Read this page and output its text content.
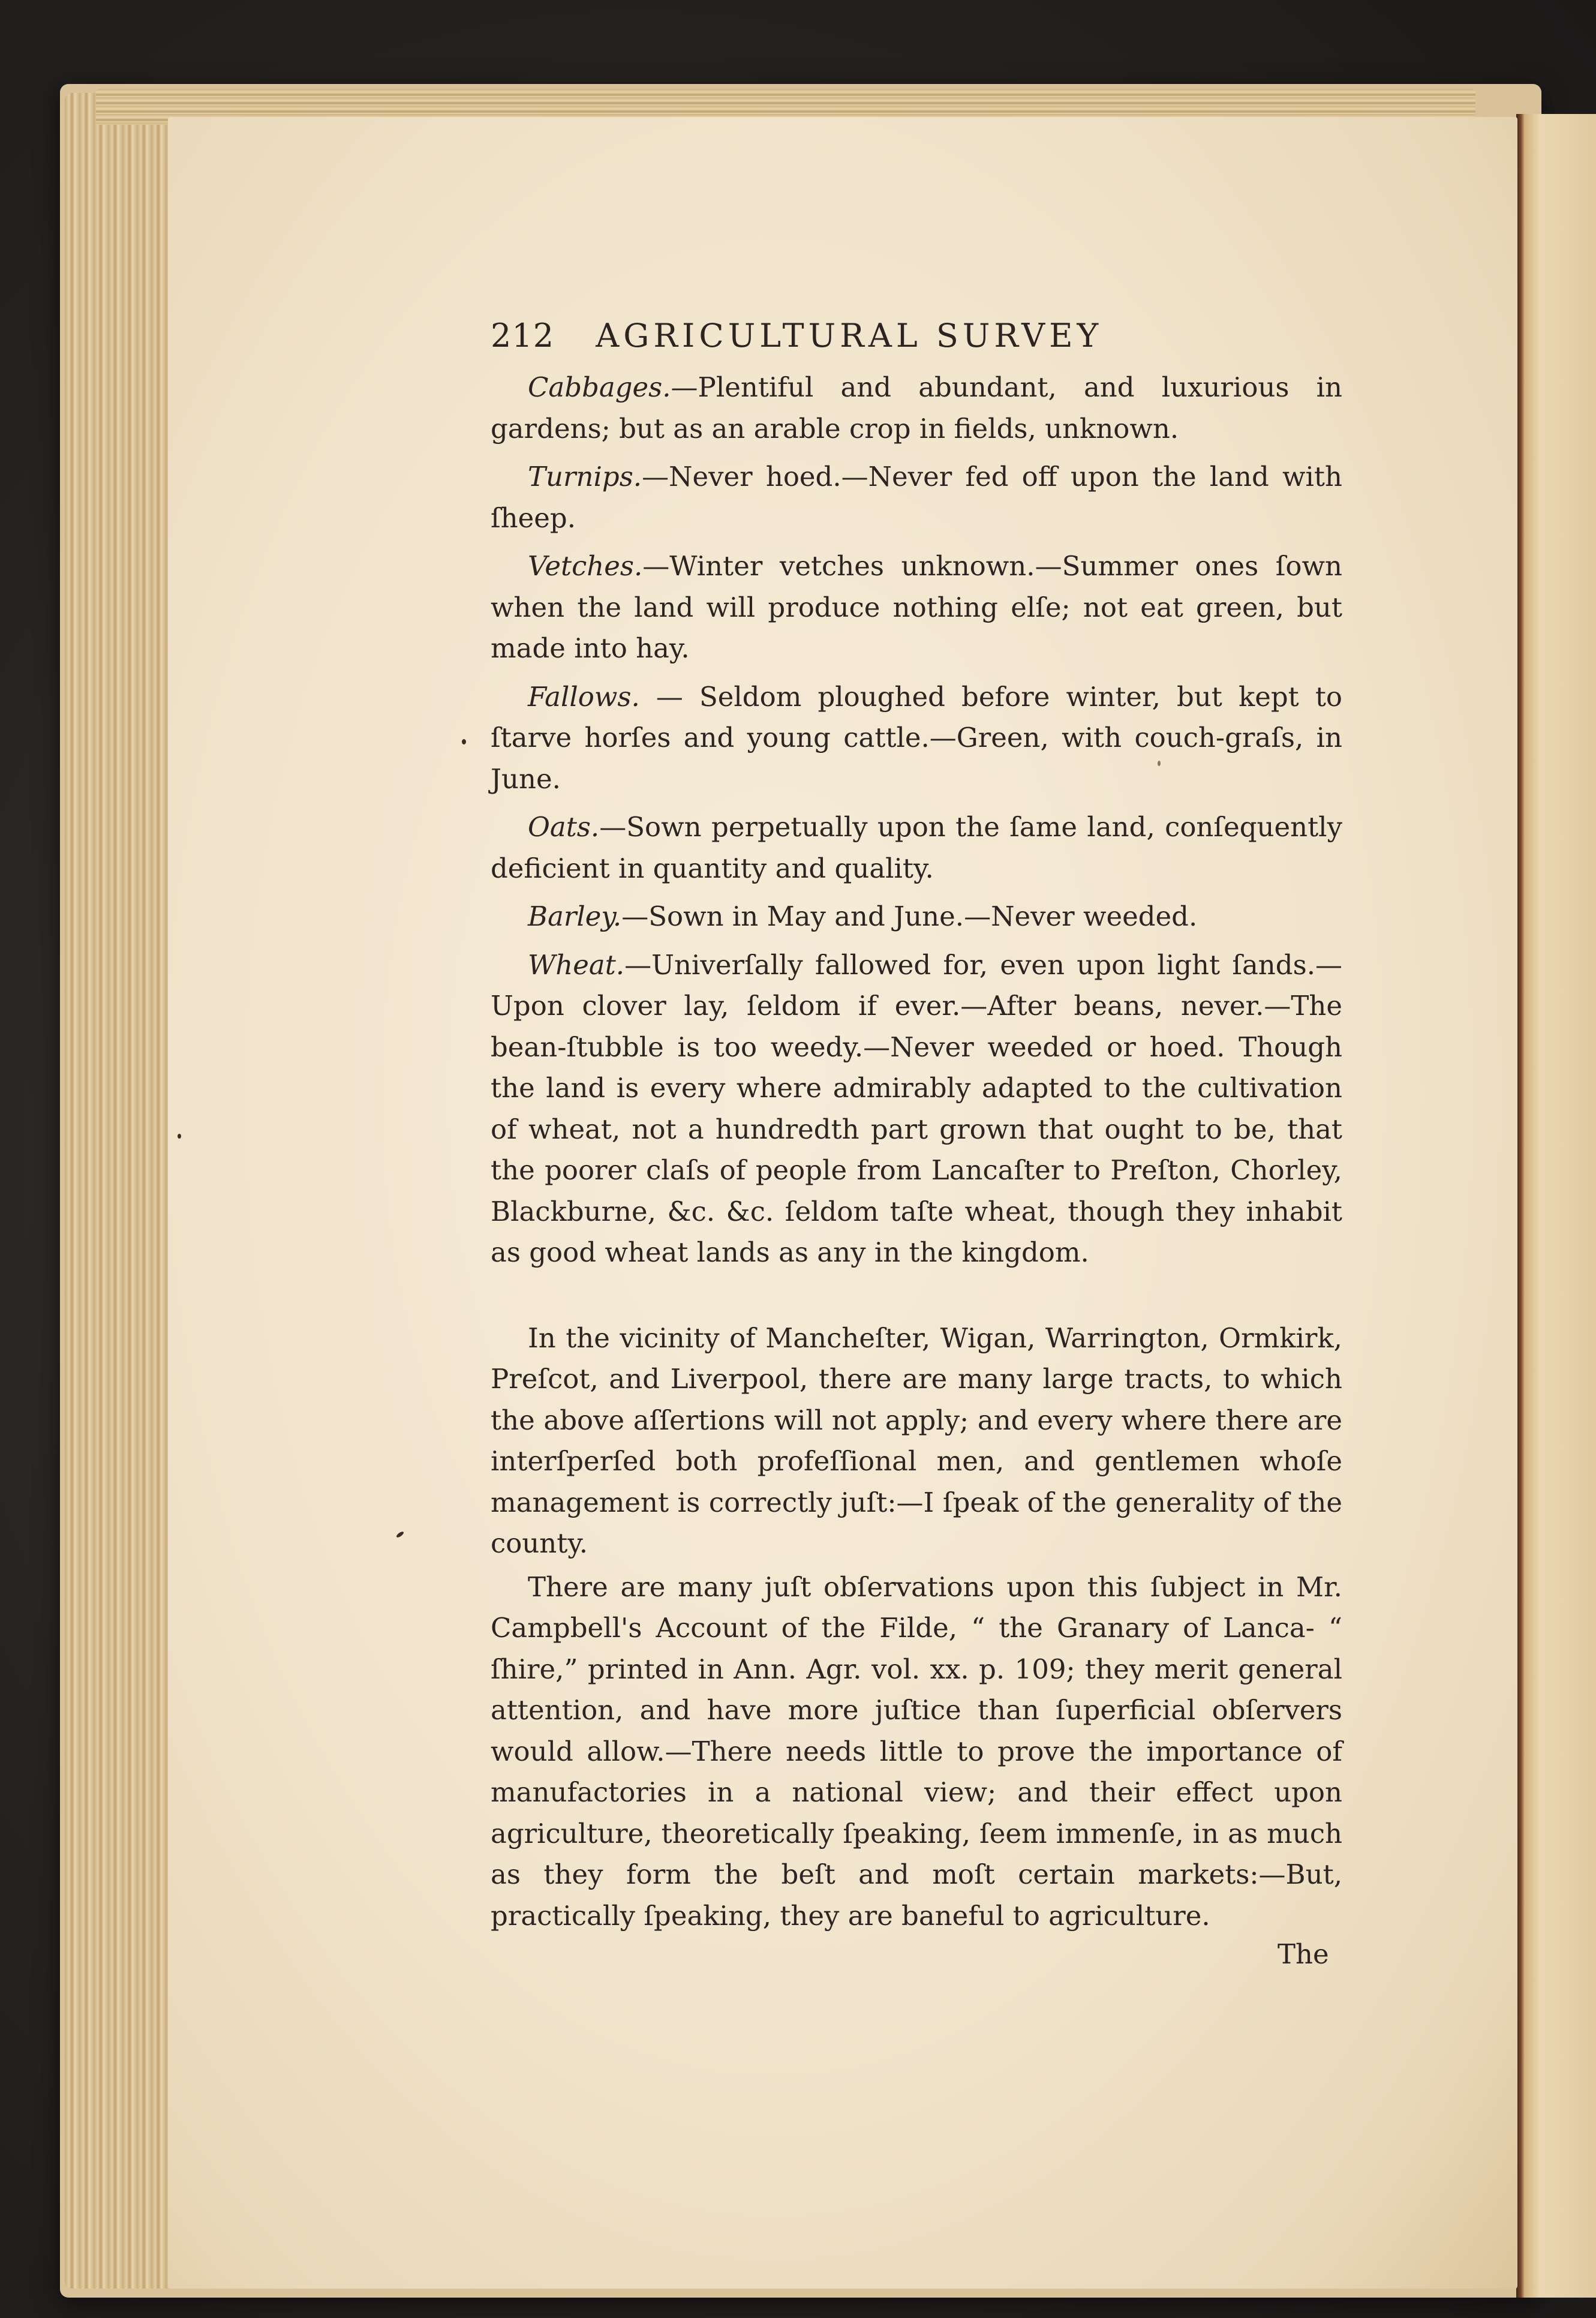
212 AGRICULTURAL SURVEY

Cabbages.—Plentiful and abundant, and luxurious in gardens; but as an arable crop in fields, unknown.

Turnips.—Never hoed.—Never fed off upon the land with ſheep.

Vetches.—Winter vetches unknown.—Summer ones ſown when the land will produce nothing elſe; not eat green, but made into hay.

Fallows. — Seldom ploughed before winter, but kept to ſtarve horſes and young cattle.—Green, with couch-graſs, in June.

Oats.—Sown perpetually upon the ſame land, conſequently deficient in quantity and quality.

Barley.—Sown in May and June.—Never weeded.

Wheat.—Univerſally fallowed for, even upon light ſands.—Upon clover lay, ſeldom if ever.—After beans, never.—The bean-ſtubble is too weedy.—Never weeded or hoed. Though the land is every where admirably adapted to the cultivation of wheat, not a hundredth part grown that ought to be, that the poorer claſs of people from Lancaſter to Preſton, Chorley, Blackburne, &c. &c. ſeldom taſte wheat, though they inhabit as good wheat lands as any in the kingdom.

In the vicinity of Mancheſter, Wigan, Warrington, Ormkirk, Preſcot, and Liverpool, there are many large tracts, to which the above aſſertions will not apply; and every where there are interſperſed both profeſſional men, and gentlemen whoſe management is correctly juſt:—I ſpeak of the generality of the county.

There are many juſt obſervations upon this ſubject in Mr. Campbell's Account of the Filde, “ the Granary of Lanca- “ ſhire,” printed in Ann. Agr. vol. xx. p. 109; they merit general attention, and have more juſtice than ſuperficial obſervers would allow.—There needs little to prove the importance of manufactories in a national view; and their effect upon agriculture, theoretically ſpeaking, ſeem immenſe, in as much as they form the beſt and moſt certain markets:—But, practically ſpeaking, they are baneful to agriculture.

The
